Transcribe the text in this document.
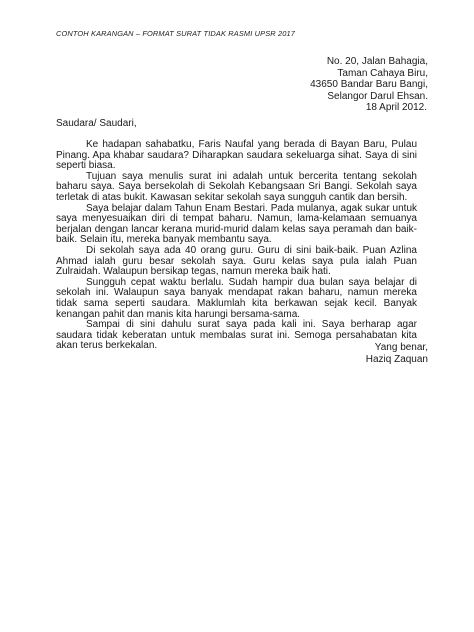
CONTOH KARANGAN – FORMAT SURAT TIDAK RASMI UPSR 2017
No. 20, Jalan Bahagia,
Taman Cahaya Biru,
43650 Bandar Baru Bangi,
Selangor Darul Ehsan.
18 April 2012.
Saudara/ Saudari,

Ke hadapan sahabatku, Faris Naufal yang berada di Bayan Baru, Pulau Pinang. Apa khabar saudara? Diharapkan saudara sekeluarga sihat. Saya di sini seperti biasa.

Tujuan saya menulis surat ini adalah untuk bercerita tentang sekolah baharu saya. Saya bersekolah di Sekolah Kebangsaan Sri Bangi. Sekolah saya terletak di atas bukit. Kawasan sekitar sekolah saya sungguh cantik dan bersih.

Saya belajar dalam Tahun Enam Bestari. Pada mulanya, agak sukar untuk saya menyesuaikan diri di tempat baharu. Namun, lama-kelamaan semuanya berjalan dengan lancar kerana murid-murid dalam kelas saya peramah dan baik-baik. Selain itu, mereka banyak membantu saya.

Di sekolah saya ada 40 orang guru. Guru di sini baik-baik. Puan Azlina Ahmad ialah guru besar sekolah saya. Guru kelas saya pula ialah Puan Zulraidah. Walaupun bersikap tegas, namun mereka baik hati.

Sungguh cepat waktu berlalu. Sudah hampir dua bulan saya belajar di sekolah ini. Walaupun saya banyak mendapat rakan baharu, namun mereka tidak sama seperti saudara. Maklumlah kita berkawan sejak kecil. Banyak kenangan pahit dan manis kita harungi bersama-sama.

Sampai di sini dahulu surat saya pada kali ini. Saya berharap agar saudara tidak keberatan untuk membalas surat ini. Semoga persahabatan kita akan terus berkekalan.	Yang benar,
Haziq Zaquan
